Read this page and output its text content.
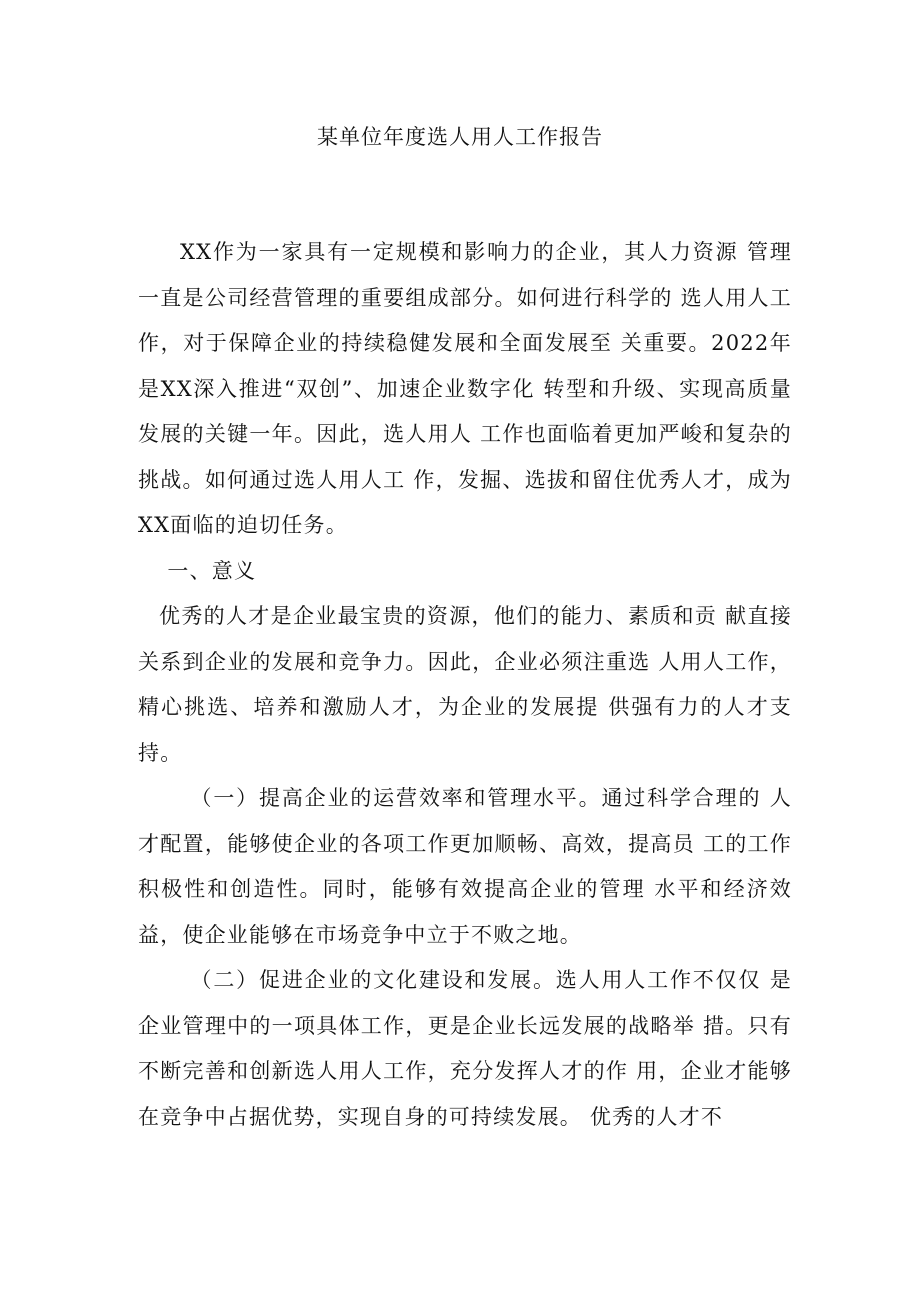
某单位年度选人用人工作报告

XX作为一家具有一定规模和影响力的企业，其人力资源 管理一直是公司经营管理的重要组成部分。如何进行科学的 选人用人工作，对于保障企业的持续稳健发展和全面发展至 关重要。2022年是XX深入推进“双创”、加速企业数字化 转型和升级、实现高质量发展的关键一年。因此，选人用人 工作也面临着更加严峻和复杂的挑战。如何通过选人用人工 作，发掘、选拔和留住优秀人才，成为XX面临的迫切任务。

一、意义

优秀的人才是企业最宝贵的资源，他们的能力、素质和贡 献直接关系到企业的发展和竞争力。因此，企业必须注重选 人用人工作，精心挑选、培养和激励人才，为企业的发展提 供强有力的人才支持。

（一）提高企业的运营效率和管理水平。通过科学合理的 人才配置，能够使企业的各项工作更加顺畅、高效，提高员 工的工作积极性和创造性。同时，能够有效提高企业的管理 水平和经济效益，使企业能够在市场竞争中立于不败之地。

（二）促进企业的文化建设和发展。选人用人工作不仅仅 是企业管理中的一项具体工作，更是企业长远发展的战略举 措。只有不断完善和创新选人用人工作，充分发挥人才的作 用，企业才能够在竞争中占据优势，实现自身的可持续发展。 优秀的人才不
